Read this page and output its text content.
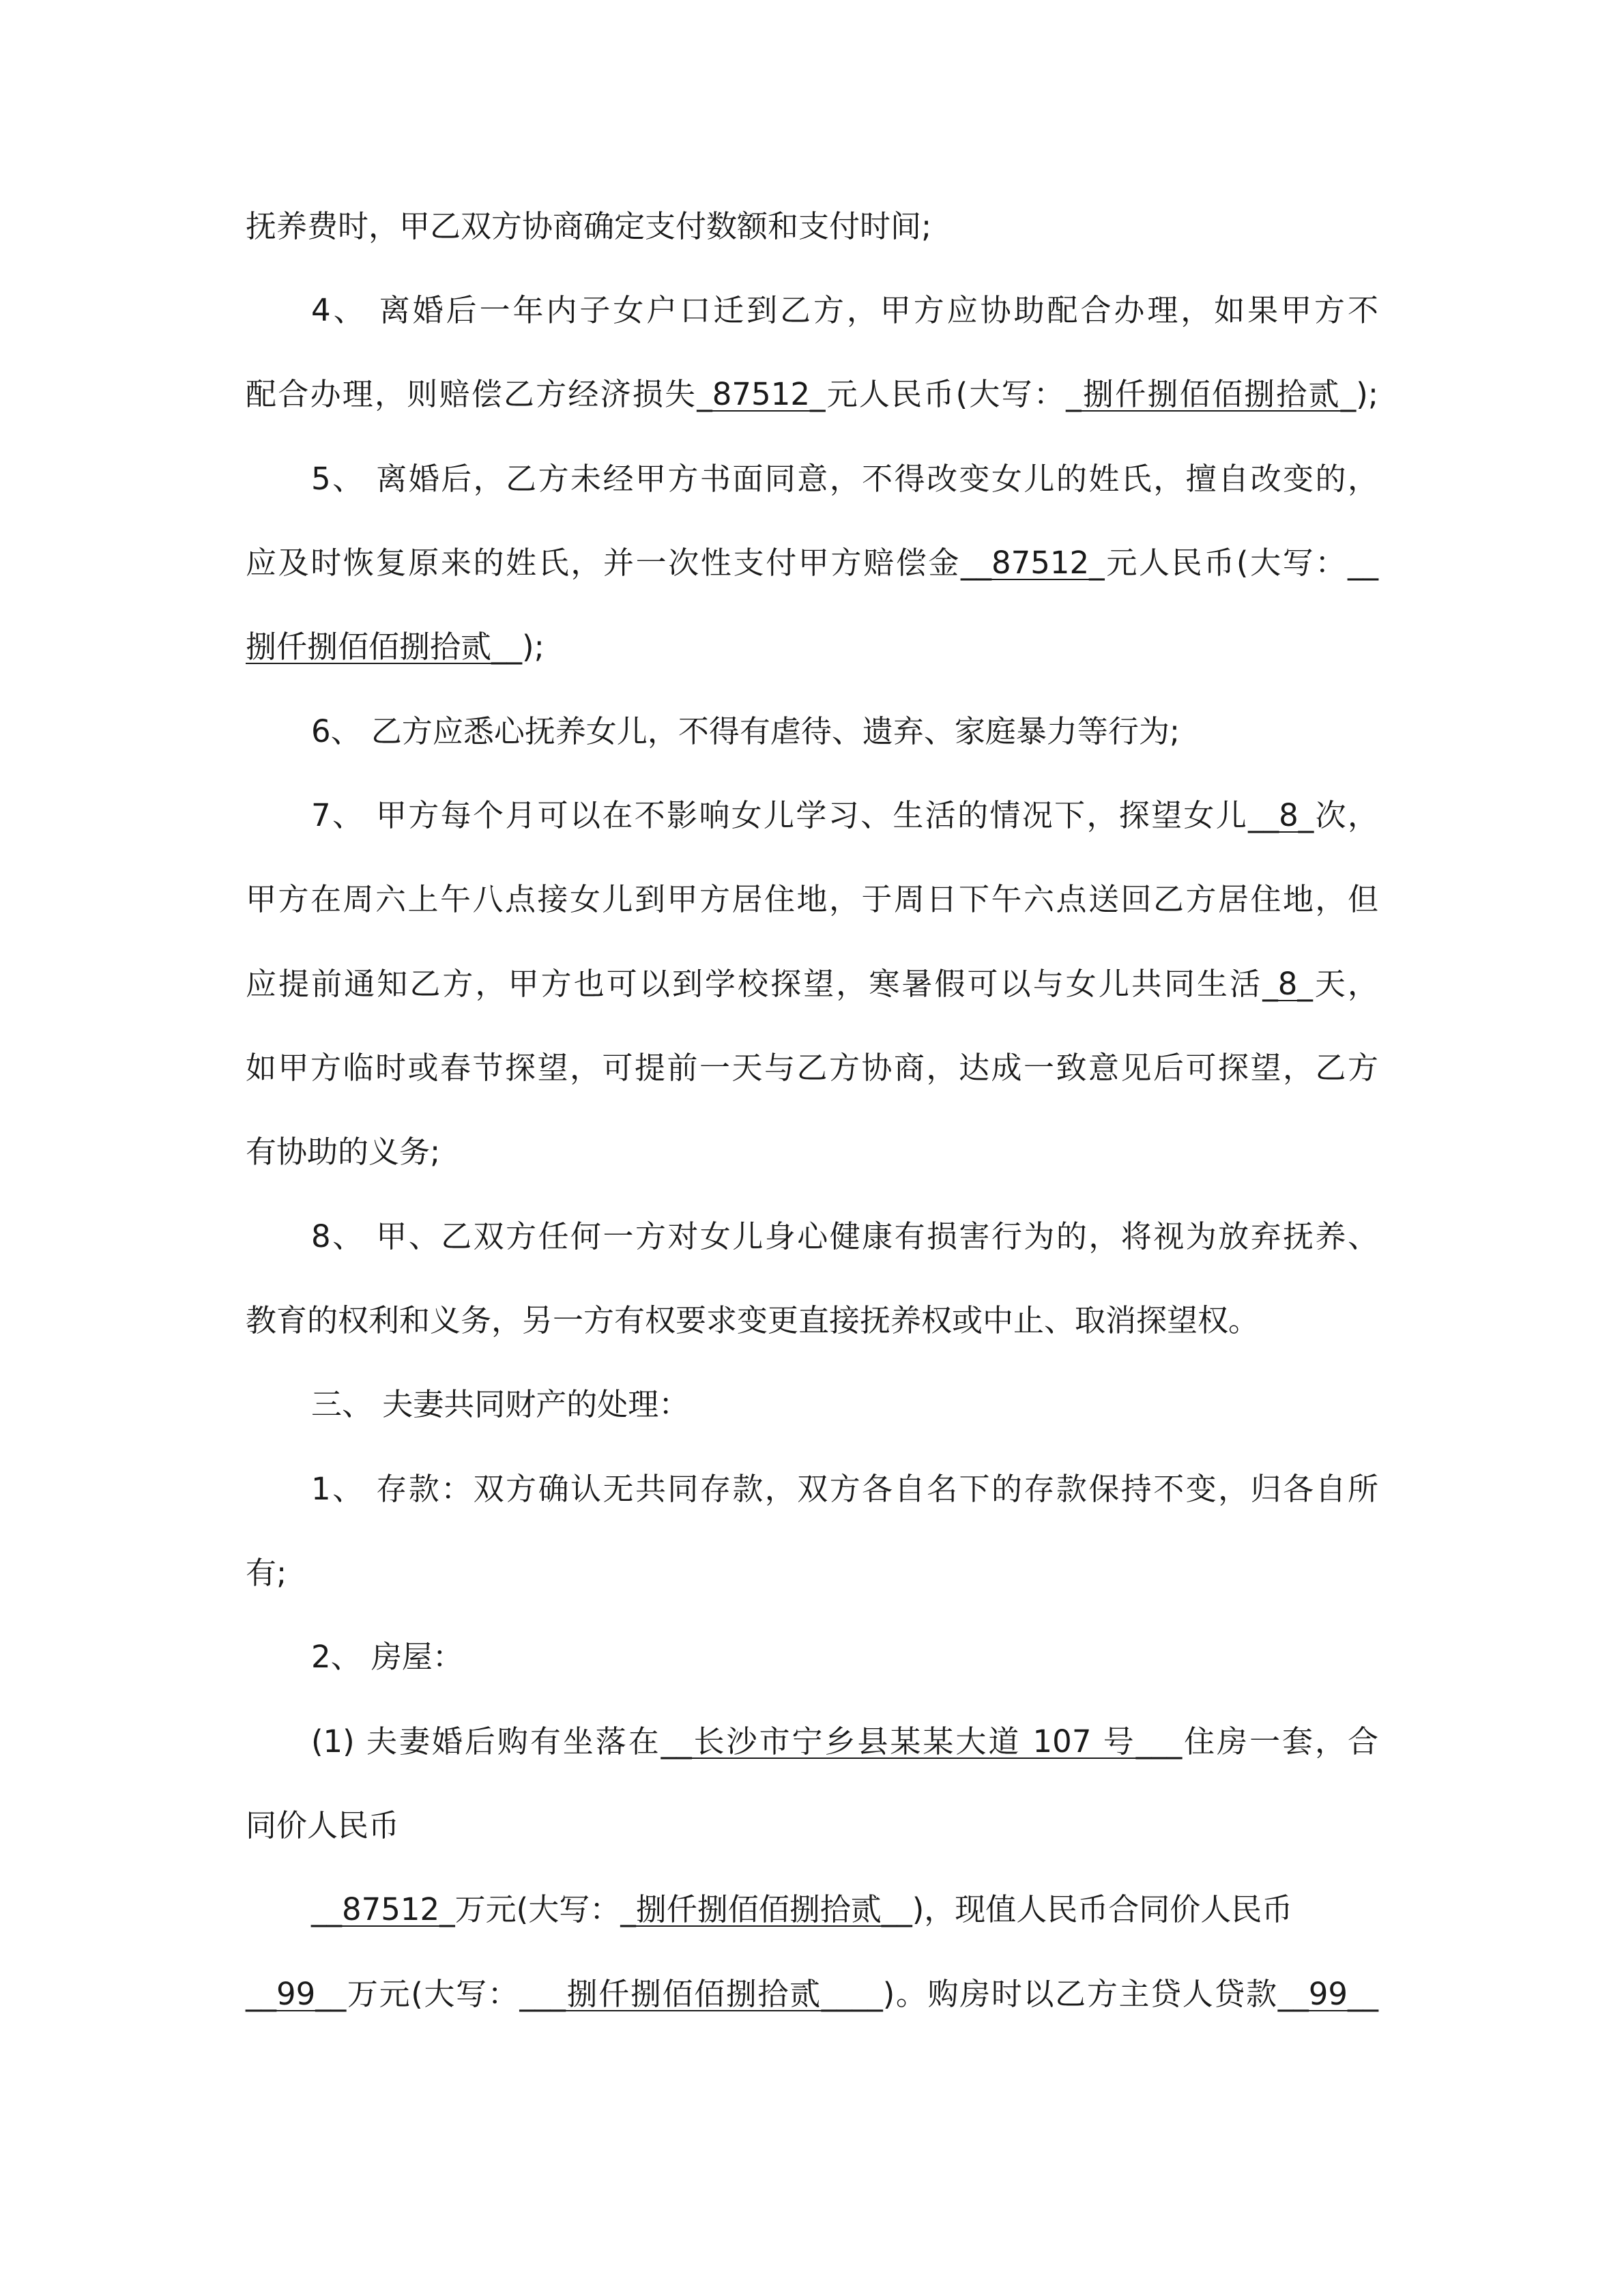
抚养费时，甲乙双方协商确定支付数额和支付时间;
4、 离婚后一年内子女户口迁到乙方，甲方应协助配合办理，如果甲方不
配合办理，则赔偿乙方经济损失_87512_元人民币(大写：_捌仟捌佰佰捌拾贰_);
5、 离婚后，乙方未经甲方书面同意，不得改变女儿的姓氏，擅自改变的，
应及时恢复原来的姓氏，并一次性支付甲方赔偿金__87512_元人民币(大写：__
捌仟捌佰佰捌拾贰__);
6、 乙方应悉心抚养女儿，不得有虐待、遗弃、家庭暴力等行为;
7、 甲方每个月可以在不影响女儿学习、生活的情况下，探望女儿__8_次，
甲方在周六上午八点接女儿到甲方居住地，于周日下午六点送回乙方居住地，但
应提前通知乙方，甲方也可以到学校探望，寒暑假可以与女儿共同生活_8_天，
如甲方临时或春节探望，可提前一天与乙方协商，达成一致意见后可探望，乙方
有协助的义务;
8、 甲、乙双方任何一方对女儿身心健康有损害行为的，将视为放弃抚养、
教育的权利和义务，另一方有权要求变更直接抚养权或中止、取消探望权。
三、 夫妻共同财产的处理：
1、 存款：双方确认无共同存款，双方各自名下的存款保持不变，归各自所
有;
2、 房屋：
(1) 夫妻婚后购有坐落在__长沙市宁乡县某某大道 107 号___住房一套，合
同价人民币
__87512_万元(大写：_捌仟捌佰佰捌拾贰__)，现值人民币合同价人民币
__99__万元(大写：___捌仟捌佰佰捌拾贰____)。购房时以乙方主贷人贷款__99__
